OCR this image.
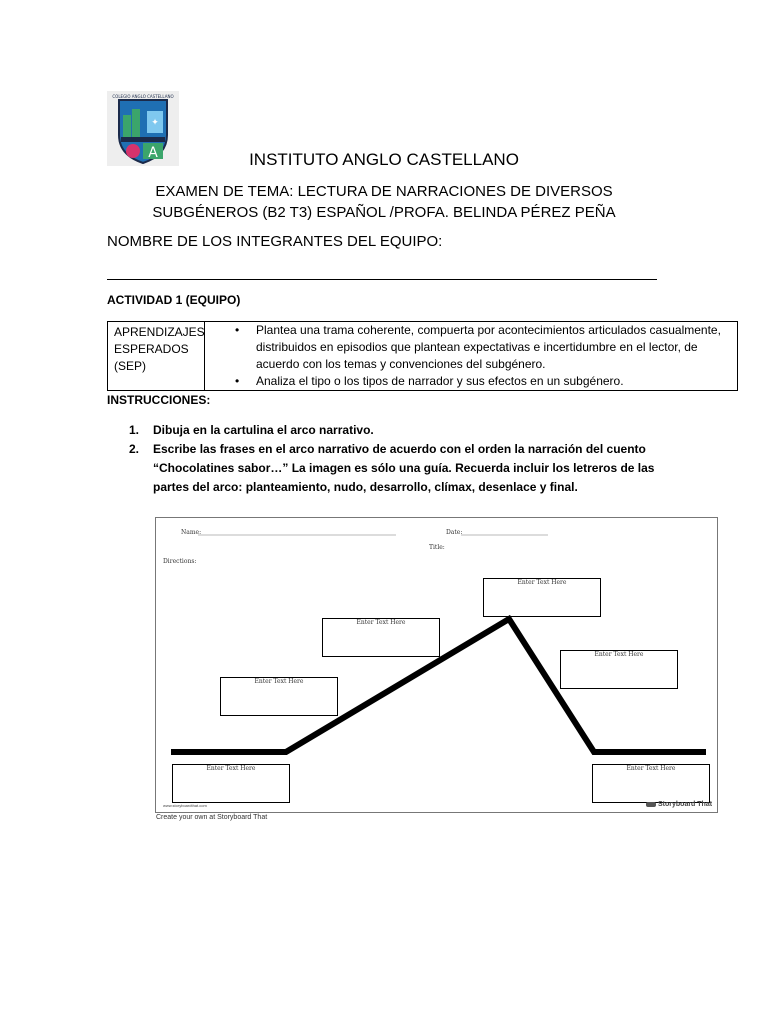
✦
A
COLEGIO ANGLO CASTELLANO
INSTITUTO ANGLO CASTELLANO
EXAMEN DE TEMA: LECTURA DE NARRACIONES DE DIVERSOS
SUBGÉNEROS (B2 T3) ESPAÑOL /PROFA. BELINDA PÉREZ PEÑA
NOMBRE DE LOS INTEGRANTES DEL EQUIPO:
ACTIVIDAD 1 (EQUIPO)
APRENDIZAJES ESPERADOS (SEP)
• Plantea una trama coherente, compuerta por acontecimientos articulados casualmente, distribuidos en episodios que plantean expectativas e incertidumbre en el lector, de acuerdo con los temas y convenciones del subgénero.
• Analiza el tipo o los tipos de narrador y sus efectos en un subgénero.
INSTRUCCIONES:
1. Dibuja en la cartulina el arco narrativo.
2. Escribe las frases en el arco narrativo de acuerdo con el orden la narración del cuento “Chocolatines sabor…” La imagen es sólo una guía. Recuerda incluir los letreros de las partes del arco: planteamiento, nudo, desarrollo, clímax, desenlace y final.
Name:	Date:
Title:
Directions:
Enter Text Here
Enter Text Here
Enter Text Here
Enter Text Here
Enter Text Here	Enter Text Here
www.storyboardthat.com	Storyboard That
Create your own at Storyboard That
